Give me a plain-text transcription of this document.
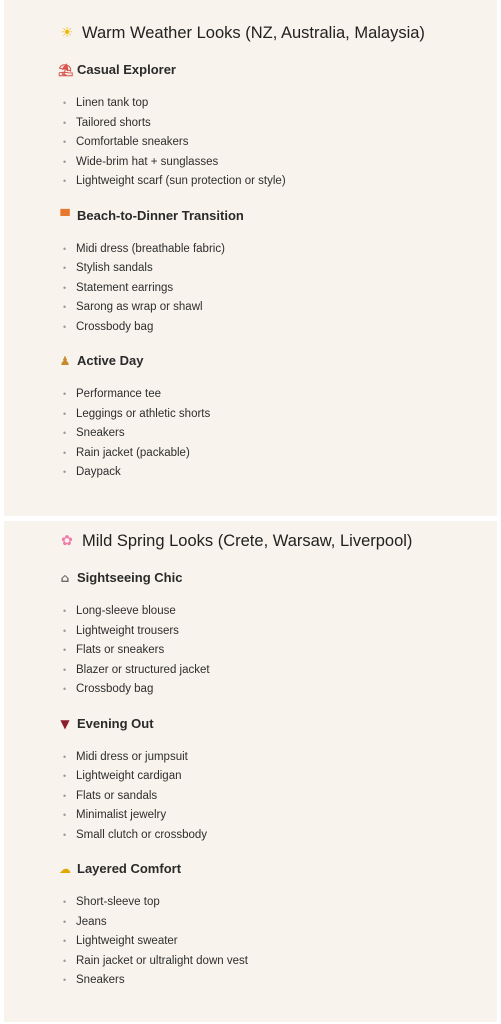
☀ Warm Weather Looks (NZ, Australia, Malaysia)
⛱ Casual Explorer
• Linen tank top
• Tailored shorts
• Comfortable sneakers
• Wide-brim hat + sunglasses
• Lightweight scarf (sun protection or style)
▀ Beach-to-Dinner Transition
• Midi dress (breathable fabric)
• Stylish sandals
• Statement earrings
• Sarong as wrap or shawl
• Crossbody bag
♟ Active Day
• Performance tee
• Leggings or athletic shorts
• Sneakers
• Rain jacket (packable)
• Daypack
✿ Mild Spring Looks (Crete, Warsaw, Liverpool)
⌂ Sightseeing Chic
• Long-sleeve blouse
• Lightweight trousers
• Flats or sneakers
• Blazer or structured jacket
• Crossbody bag
▼ Evening Out
• Midi dress or jumpsuit
• Lightweight cardigan
• Flats or sandals
• Minimalist jewelry
• Small clutch or crossbody
☁ Layered Comfort
• Short-sleeve top
• Jeans
• Lightweight sweater
• Rain jacket or ultralight down vest
• Sneakers
